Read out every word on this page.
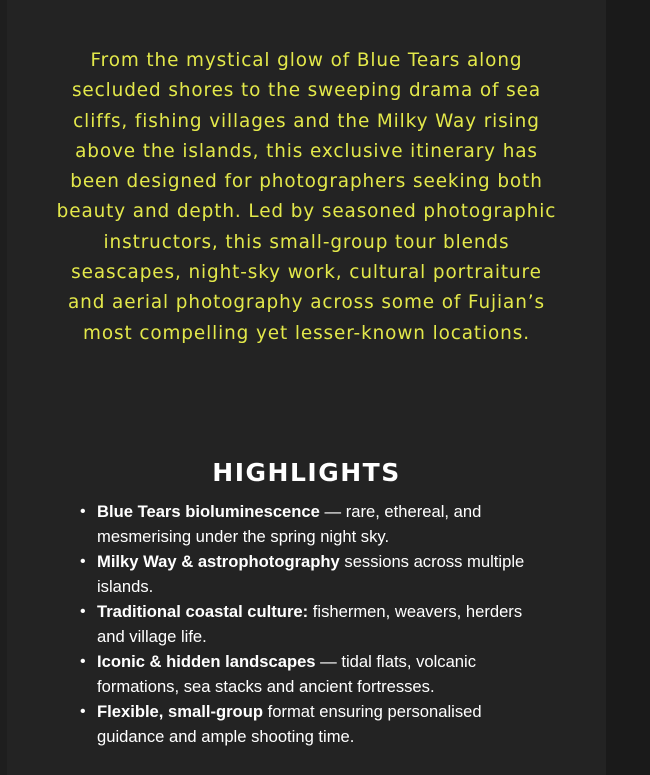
From the mystical glow of Blue Tears along secluded shores to the sweeping drama of sea cliffs, fishing villages and the Milky Way rising above the islands, this exclusive itinerary has been designed for photographers seeking both beauty and depth. Led by seasoned photographic instructors, this small-group tour blends seascapes, night-sky work, cultural portraiture and aerial photography across some of Fujian’s most compelling yet lesser-known locations.

HIGHLIGHTS
• Blue Tears bioluminescence — rare, ethereal, and mesmerising under the spring night sky.
• Milky Way & astrophotography sessions across multiple islands.
• Traditional coastal culture: fishermen, weavers, herders and village life.
• Iconic & hidden landscapes — tidal flats, volcanic formations, sea stacks and ancient fortresses.
• Flexible, small-group format ensuring personalised guidance and ample shooting time.
